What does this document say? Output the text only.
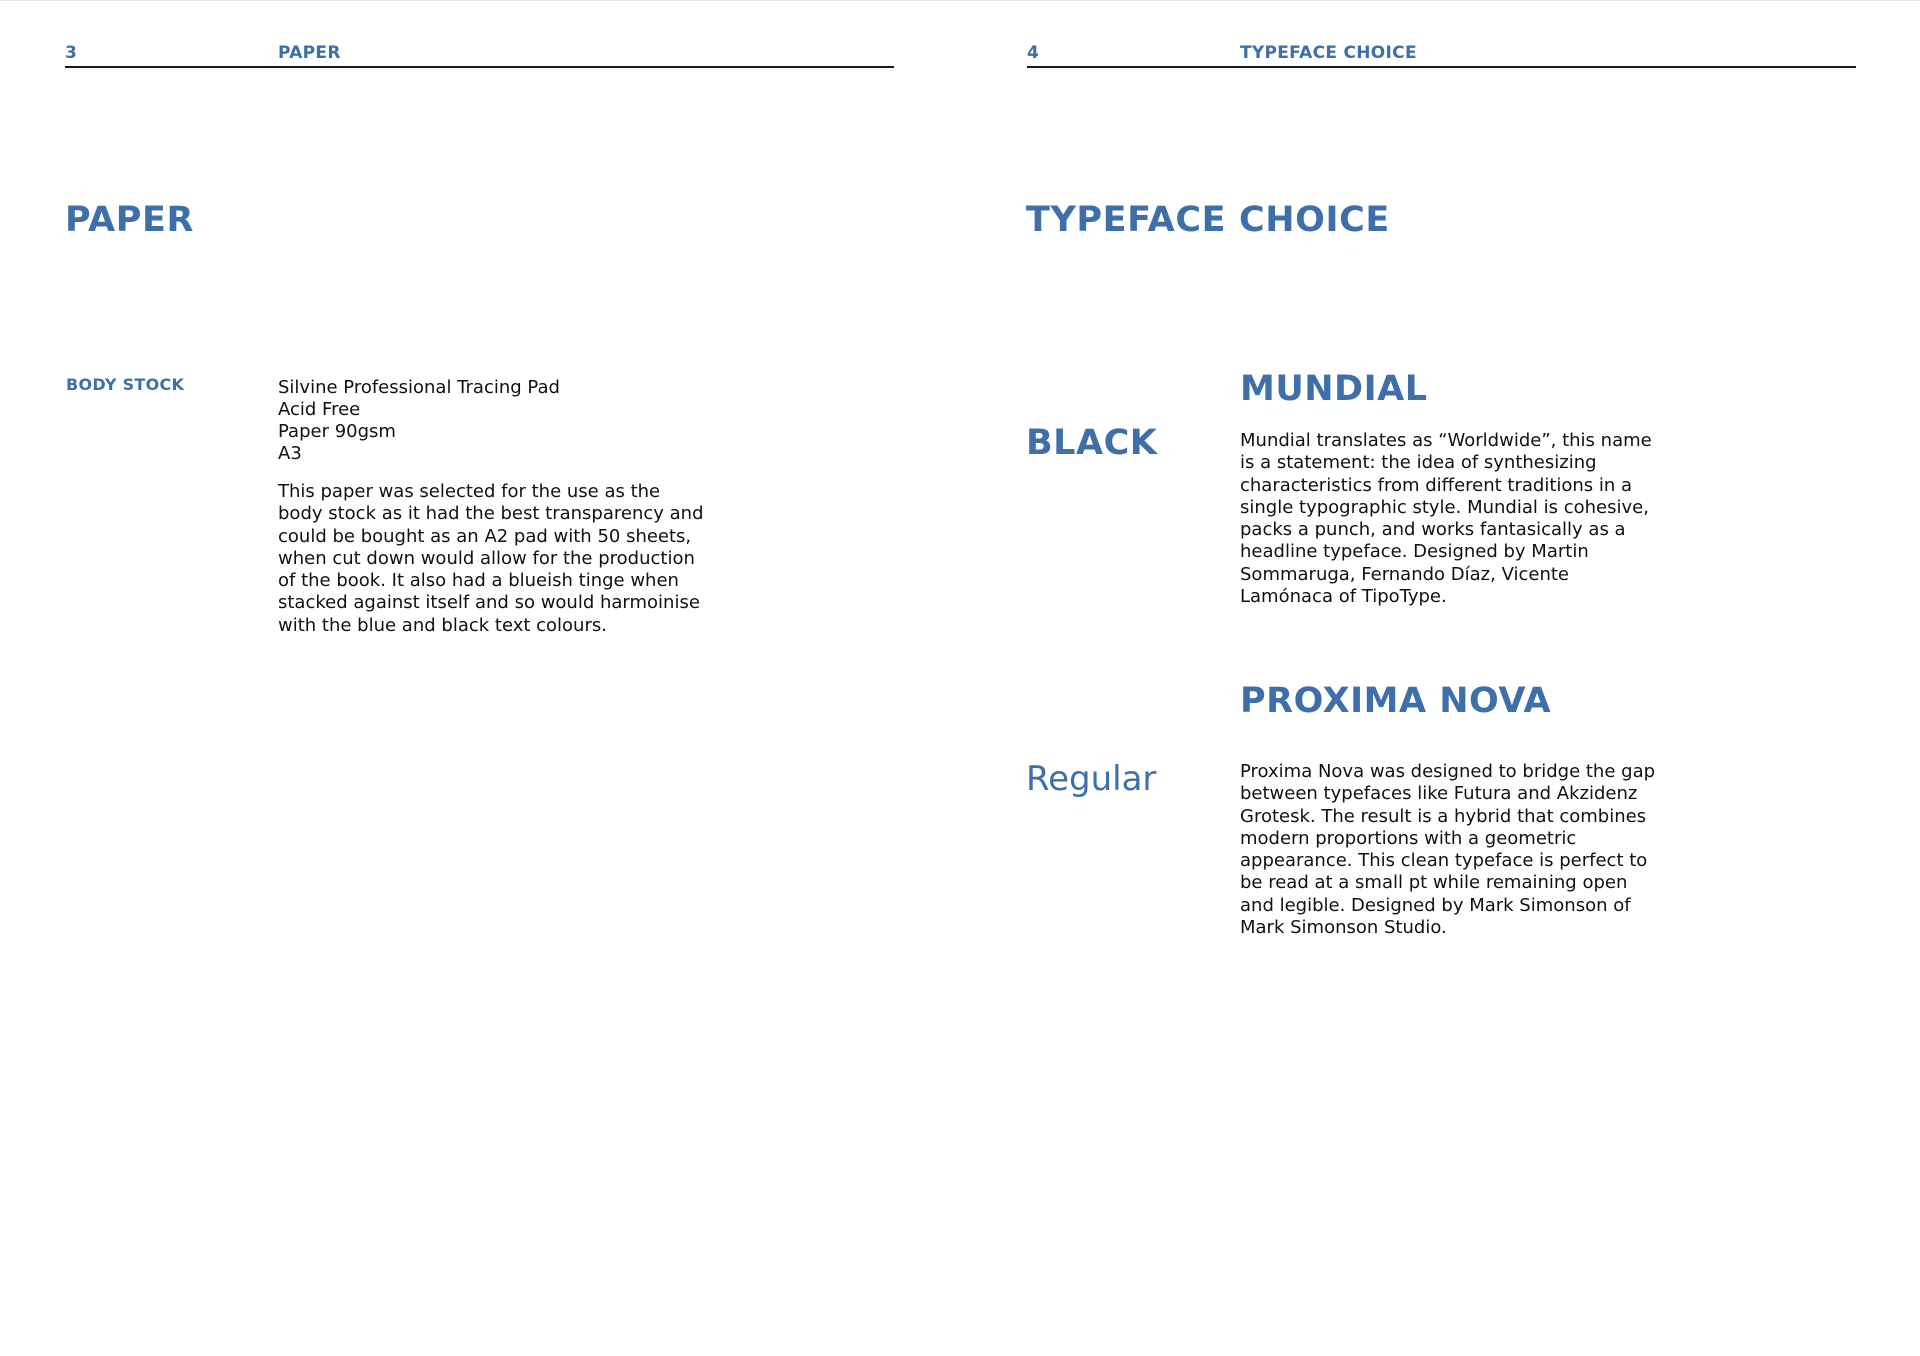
3	PAPER
PAPER
BODY STOCK	Silvine Professional Tracing Pad
Acid Free
Paper 90gsm
A3

This paper was selected for the use as the body stock as it had the best transparency and could be bought as an A2 pad with 50 sheets, when cut down would allow for the production of the book. It also had a blueish tinge when stacked against itself and so would harmoinise with the blue and black text colours.

4	TYPEFACE CHOICE
TYPEFACE CHOICE
MUNDIAL
BLACK	Mundial translates as “Worldwide”, this name is a statement: the idea of synthesizing characteristics from different traditions in a single typographic style. Mundial is cohesive, packs a punch, and works fantasically as a headline typeface. Designed by Martin Sommaruga, Fernando Díaz, Vicente Lamónaca of TipoType.

PROXIMA NOVA
Regular	Proxima Nova was designed to bridge the gap between typefaces like Futura and Akzidenz Grotesk. The result is a hybrid that combines modern proportions with a geometric appearance. This clean typeface is perfect to be read at a small pt while remaining open and legible. Designed by Mark Simonson of Mark Simonson Studio.
